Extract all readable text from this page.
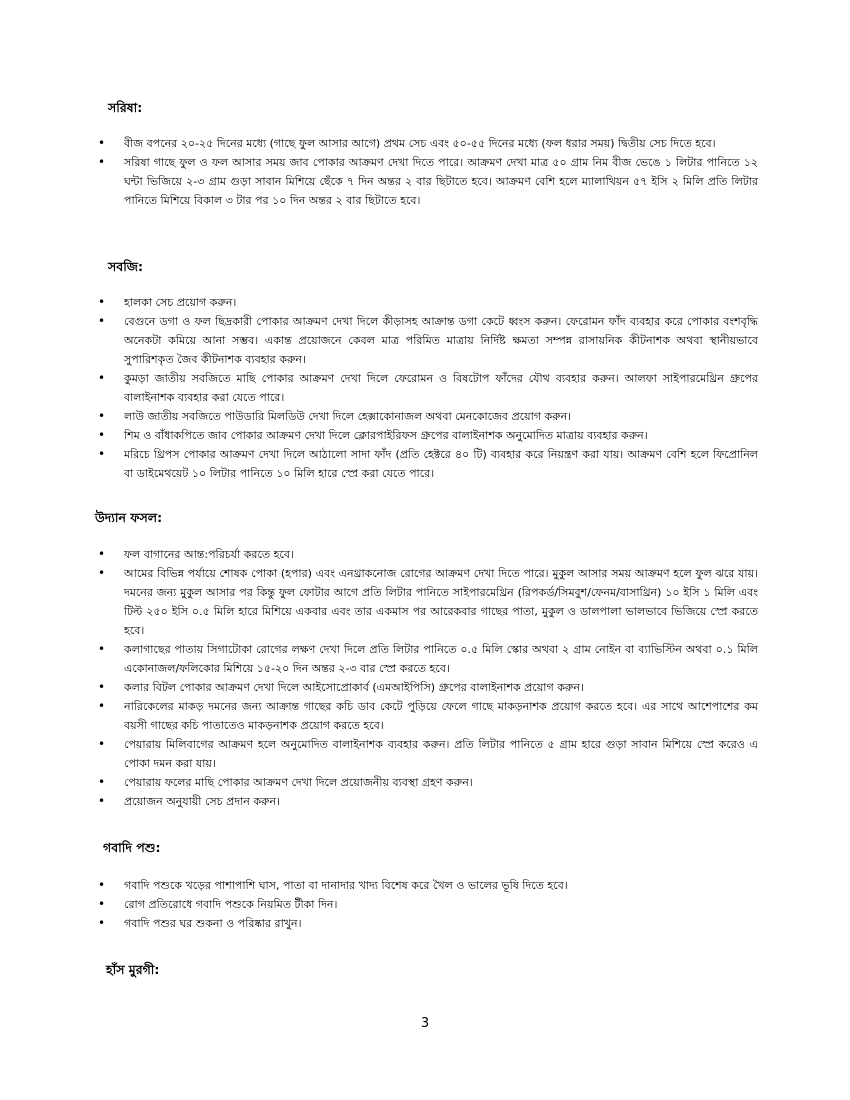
সরিষা:
• বীজ বপনের ২০-২৫ দিনের মধ্যে (গাছে ফুল আসার আগে) প্রথম সেচ এবং ৫০-৫৫ দিনের মধ্যে (ফল ধরার সময়) দ্বিতীয় সেচ দিতে হবে।
• সরিষা গাছে ফুল ও ফল আসার সময় জাব পোকার আক্রমণ দেখা দিতে পারে। আক্রমণ দেখা মাত্র ৫০ গ্রাম নিম বীজ ভেঙে ১ লিটার পানিতে ১২ ঘন্টা ভিজিয়ে ২-৩ গ্রাম গুড়া সাবান মিশিয়ে ছেঁকে ৭ দিন অন্তর ২ বার ছিটাতে হবে। আক্রমণ বেশি হলে ম্যালাথিয়ন ৫৭ ইসি ২ মিলি প্রতি লিটার পানিতে মিশিয়ে বিকাল ৩ টার পর ১০ দিন অন্তর ২ বার ছিটাতে হবে।
সবজি:
• হালকা সেচ প্রয়োগ করুন।
• বেগুনে ডগা ও ফল ছিদ্রকারী পোকার আক্রমণ দেখা দিলে কীড়াসহ আক্রান্ত ডগা কেটে ধ্বংস করুন। ফেরোমন ফাঁদ ব্যবহার করে পোকার বংশবৃদ্ধি অনেকটা কমিয়ে আনা সম্ভব। একান্ত প্রয়োজনে কেবল মাত্র পরিমিত মাত্রায় নির্দিষ্ট ক্ষমতা সম্পন্ন রাসায়নিক কীটনাশক অথবা স্থানীয়ভাবে সুপারিশকৃত জৈব কীটনাশক ব্যবহার করুন।
• কুমড়া জাতীয় সবজিতে মাছি পোকার আক্রমণ দেখা দিলে ফেরোমন ও বিষটোপ ফাঁদের যৌথ ব্যবহার করুন। আলফা সাইপারমেথ্রিন গ্রুপের বালাইনাশক ব্যবহার করা যেতে পারে।
• লাউ জাতীয় সবজিতে পাউডারি মিলডিউ দেখা দিলে হেক্সাকোনাজল অথবা মেনকোজেব প্রয়োগ করুন।
• শিম ও বাঁধাকপিতে জাব পোকার আক্রমণ দেখা দিলে ক্লোরপাইরিফস গ্রুপের বালাইনাশক অনুমোদিত মাত্রায় ব্যবহার করুন।
• মরিচে থ্রিপস পোকার আক্রমণ দেখা দিলে আঠালো সাদা ফাঁদ (প্রতি হেক্টরে ৪০ টি) ব্যবহার করে নিয়ন্ত্রণ করা যায়। আক্রমণ বেশি হলে ফিপ্রোনিল বা ডাইমেথয়েট ১০ লিটার পানিতে ১০ মিলি হারে স্প্রে করা যেতে পারে।
উদ্যান ফসল:
• ফল বাগানের আন্ত:পরিচর্যা করতে হবে।
• আমের বিভিন্ন পর্যায়ে শোষক পোকা (হপার) এবং এনথ্রাকনোজ রোগের আক্রমণ দেখা দিতে পারে। মুকুল আসার সময় আক্রমণ হলে ফুল ঝরে যায়। দমনের জন্য মুকুল আসার পর কিন্তু ফুল ফোটার আগে প্রতি লিটার পানিতে সাইপারমেথ্রিন (রিপকর্ড/সিমবুশ/ফেনম/বাসাথ্রিন) ১০ ইসি ১ মিলি এবং টিল্ট ২৫০ ইসি ০.৫ মিলি হারে মিশিয়ে একবার এবং তার একমাস পর আরেকবার গাছের পাতা, মুকুল ও ডালপালা ভালভাবে ভিজিয়ে স্প্রে করতে হবে।
• কলাগাছের পাতায় সিগাটোকা রোগের লক্ষণ দেখা দিলে প্রতি লিটার পানিতে ০.৫ মিলি স্কোর অথবা ২ গ্রাম নোইন বা ব্যাভিস্টিন অথবা ০.১ মিলি একোনাজল/ফলিকোর মিশিয়ে ১৫-২০ দিন অন্তর ২-৩ বার স্প্রে করতে হবে।
• কলার বিটল পোকার আক্রমণ দেখা দিলে আইসোপ্রোকার্ব (এমআইপিসি) গ্রুপের বালাইনাশক প্রয়োগ করুন।
• নারিকেলের মাকড় দমনের জন্য আক্রান্ত গাছের কচি ডাব কেটে পুড়িয়ে ফেলে গাছে মাকড়নাশক প্রয়োগ করতে হবে। এর সাথে আশেপাশের কম বয়সী গাছের কচি পাতাতেও মাকড়নাশক প্রয়োগ করতে হবে।
• পেয়ারায় মিলিবাগের আক্রমণ হলে অনুমোদিত বালাইনাশক ব্যবহার করুন। প্রতি লিটার পানিতে ৫ গ্রাম হারে গুড়া সাবান মিশিয়ে স্প্রে করেও এ পোকা দমন করা যায়।
• পেয়ারায় ফলের মাছি পোকার আক্রমণ দেখা দিলে প্রয়োজনীয় ব্যবস্থা গ্রহণ করুন।
• প্রয়োজন অনুযায়ী সেচ প্রদান করুন।
গবাদি পশু:
• গবাদি পশুকে খড়ের পাশাপাশি ঘাস, পাতা বা দানাদার খাদ্য বিশেষ করে খৈল ও ভালের ভূষি দিতে হবে।
• রোগ প্রতিরোধে গবাদি পশুকে নিয়মিত টীকা দিন।
• গবাদি পশুর ঘর শুকনা ও পরিষ্কার রাখুন।
হাঁস মুরগী:
3
